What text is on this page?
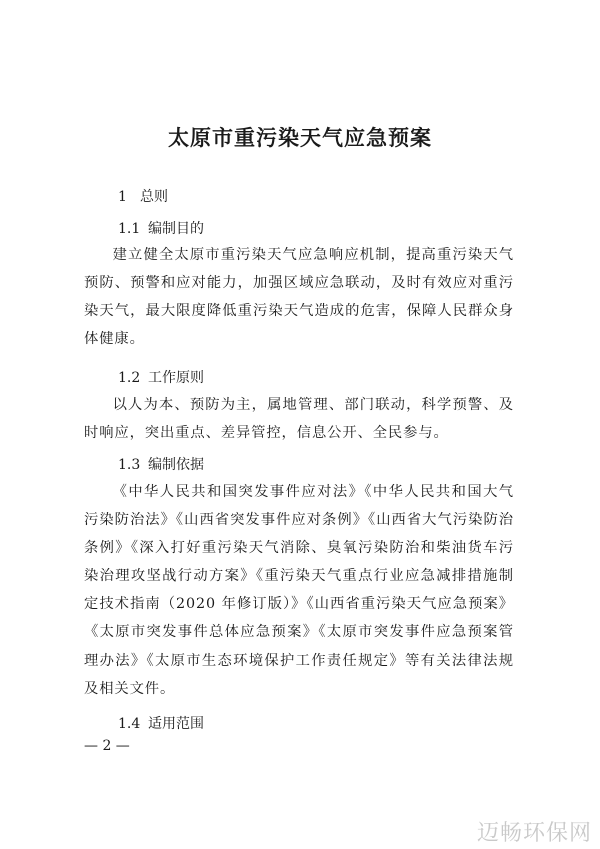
太原市重污染天气应急预案
1 总则
1.1 编制目的
建立健全太原市重污染天气应急响应机制，提高重污染天气预防、预警和应对能力，加强区域应急联动，及时有效应对重污染天气，最大限度降低重污染天气造成的危害，保障人民群众身体健康。
1.2 工作原则
以人为本、预防为主，属地管理、部门联动，科学预警、及时响应，突出重点、差异管控，信息公开、全民参与。
1.3 编制依据
《中华人民共和国突发事件应对法》《中华人民共和国大气污染防治法》《山西省突发事件应对条例》《山西省大气污染防治条例》《深入打好重污染天气消除、臭氧污染防治和柴油货车污染治理攻坚战行动方案》《重污染天气重点行业应急减排措施制定技术指南（2020 年修订版）》《山西省重污染天气应急预案》《太原市突发事件总体应急预案》《太原市突发事件应急预案管理办法》《太原市生态环境保护工作责任规定》等有关法律法规及相关文件。
1.4 适用范围
— 2 —
迈畅环保网
